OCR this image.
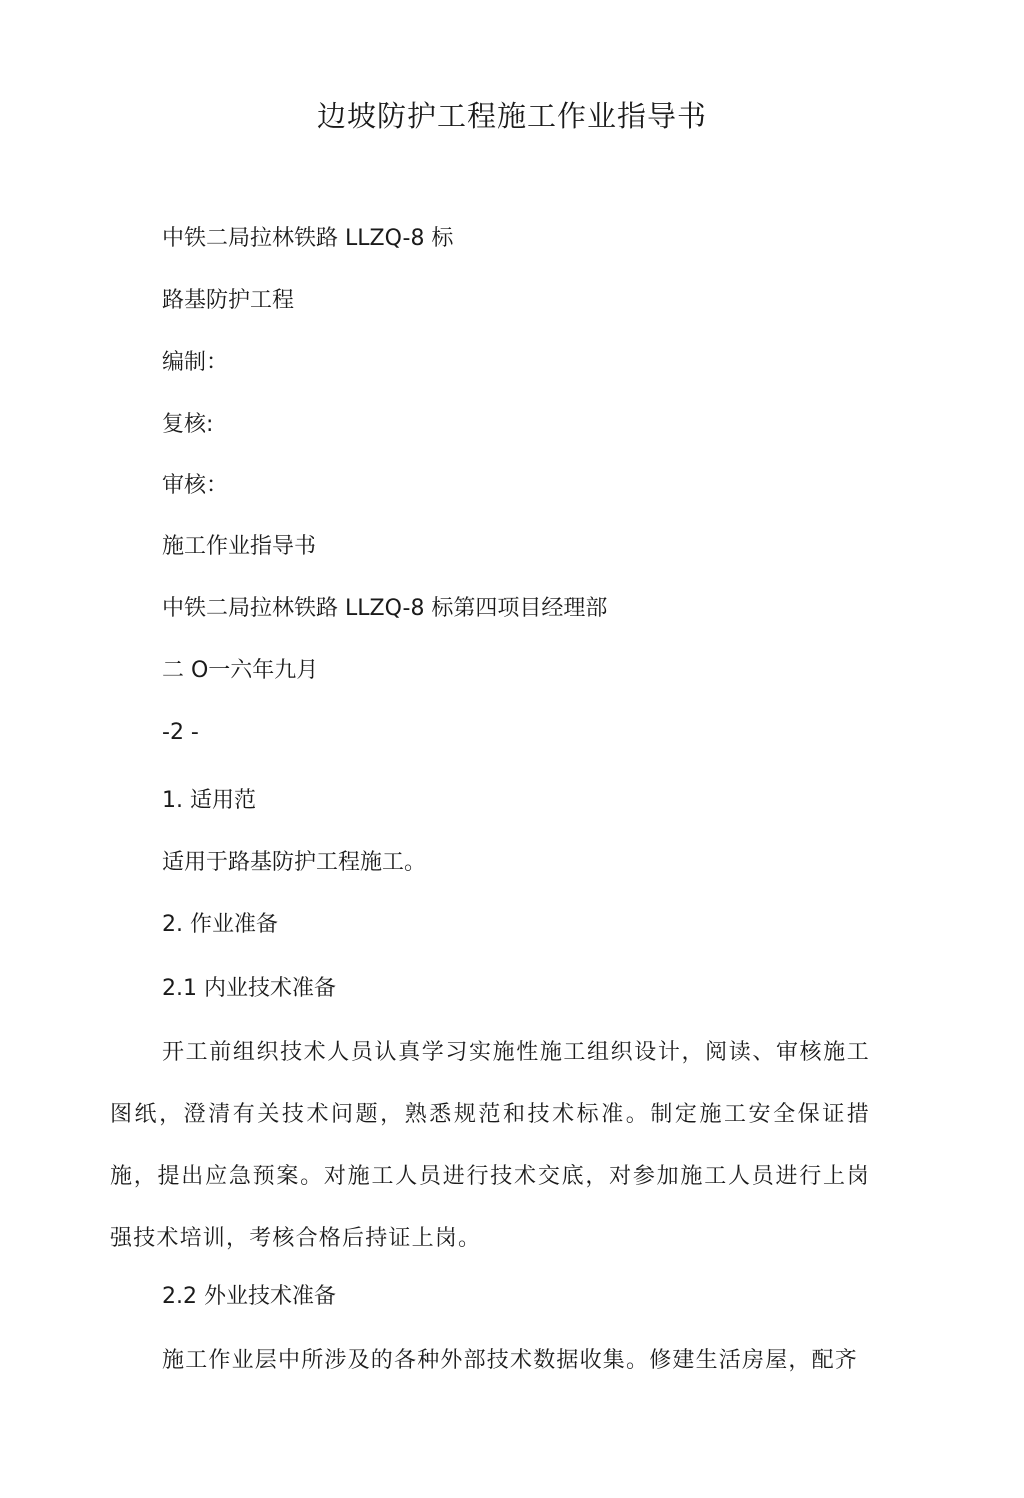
边坡防护工程施工作业指导书
中铁二局拉林铁路 LLZQ-8 标
路基防护工程
编制：
复核:
审核：
施工作业指导书
中铁二局拉林铁路 LLZQ-8 标第四项目经理部
二 O一六年九月
-2 -
1. 适用范
适用于路基防护工程施工。
2. 作业准备
2.1 内业技术准备
开工前组织技术人员认真学习实施性施工组织设计，阅读、审核施工图纸，澄清有关技术问题，熟悉规范和技术标准。制定施工安全保证措施，提出应急预案。对施工人员进行技术交底，对参加施工人员进行上岗强技术培训，考核合格后持证上岗。
2.2 外业技术准备
施工作业层中所涉及的各种外部技术数据收集。修建生活房屋，配齐
